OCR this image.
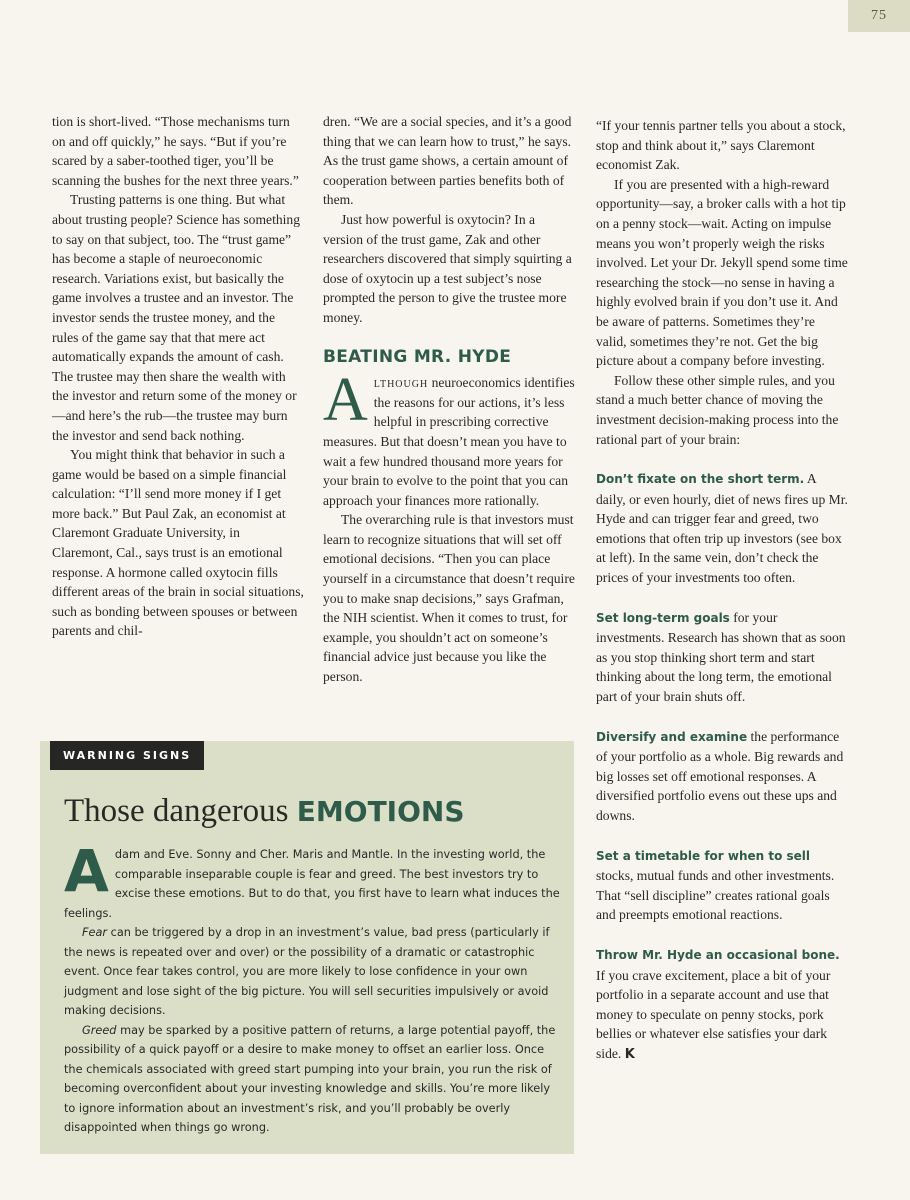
75

tion is short-lived. “Those mechanisms turn on and off quickly,” he says. “But if you’re scared by a saber-toothed tiger, you’ll be scanning the bushes for the next three years.”

Trusting patterns is one thing. But what about trusting people? Science has something to say on that subject, too. The “trust game” has become a staple of neuroeconomic research. Variations exist, but basically the game involves a trustee and an investor. The investor sends the trustee money, and the rules of the game say that that mere act automatically expands the amount of cash. The trustee may then share the wealth with the investor and return some of the money or—and here’s the rub—the trustee may burn the investor and send back nothing.

You might think that behavior in such a game would be based on a simple financial calculation: “I’ll send more money if I get more back.” But Paul Zak, an economist at Claremont Graduate University, in Claremont, Cal., says trust is an emotional response. A hormone called oxytocin fills different areas of the brain in social situations, such as bonding between spouses or between parents and chil-

dren. “We are a social species, and it’s a good thing that we can learn how to trust,” he says. As the trust game shows, a certain amount of cooperation between parties benefits both of them.

Just how powerful is oxytocin? In a version of the trust game, Zak and other researchers discovered that simply squirting a dose of oxytocin up a test subject’s nose prompted the person to give the trustee more money.

BEATING MR. HYDE

Although neuroeconomics identifies the reasons for our actions, it’s less helpful in prescribing corrective measures. But that doesn’t mean you have to wait a few hundred thousand more years for your brain to evolve to the point that you can approach your finances more rationally.

The overarching rule is that investors must learn to recognize situations that will set off emotional decisions. “Then you can place yourself in a circumstance that doesn’t require you to make snap decisions,” says Grafman, the NIH scientist. When it comes to trust, for example, you shouldn’t act on someone’s financial advice just because you like the person.

“If your tennis partner tells you about a stock, stop and think about it,” says Claremont economist Zak.

If you are presented with a high-reward opportunity—say, a broker calls with a hot tip on a penny stock—wait. Acting on impulse means you won’t properly weigh the risks involved. Let your Dr. Jekyll spend some time researching the stock—no sense in having a highly evolved brain if you don’t use it. And be aware of patterns. Sometimes they’re valid, sometimes they’re not. Get the big picture about a company before investing.

Follow these other simple rules, and you stand a much better chance of moving the investment decision-making process into the rational part of your brain:

Don’t fixate on the short term. A daily, or even hourly, diet of news fires up Mr. Hyde and can trigger fear and greed, two emotions that often trip up investors (see box at left). In the same vein, don’t check the prices of your investments too often.

Set long-term goals for your investments. Research has shown that as soon as you stop thinking short term and start thinking about the long term, the emotional part of your brain shuts off.

Diversify and examine the performance of your portfolio as a whole. Big rewards and big losses set off emotional responses. A diversified portfolio evens out these ups and downs.

Set a timetable for when to sell stocks, mutual funds and other investments. That “sell discipline” creates rational goals and preempts emotional reactions.

Throw Mr. Hyde an occasional bone. If you crave excitement, place a bit of your portfolio in a separate account and use that money to speculate on penny stocks, pork bellies or whatever else satisfies your dark side. K

WARNING SIGNS
Those dangerous EMOTIONS

Adam and Eve. Sonny and Cher. Maris and Mantle. In the investing world, the comparable inseparable couple is fear and greed. The best investors try to excise these emotions. But to do that, you first have to learn what induces the feelings.

Fear can be triggered by a drop in an investment’s value, bad press (particularly if the news is repeated over and over) or the possibility of a dramatic or catastrophic event. Once fear takes control, you are more likely to lose confidence in your own judgment and lose sight of the big picture. You will sell securities impulsively or avoid making decisions.

Greed may be sparked by a positive pattern of returns, a large potential payoff, the possibility of a quick payoff or a desire to make money to offset an earlier loss. Once the chemicals associated with greed start pumping into your brain, you run the risk of becoming overconfident about your investing knowledge and skills. You’re more likely to ignore information about an investment’s risk, and you’ll probably be overly disappointed when things go wrong.
